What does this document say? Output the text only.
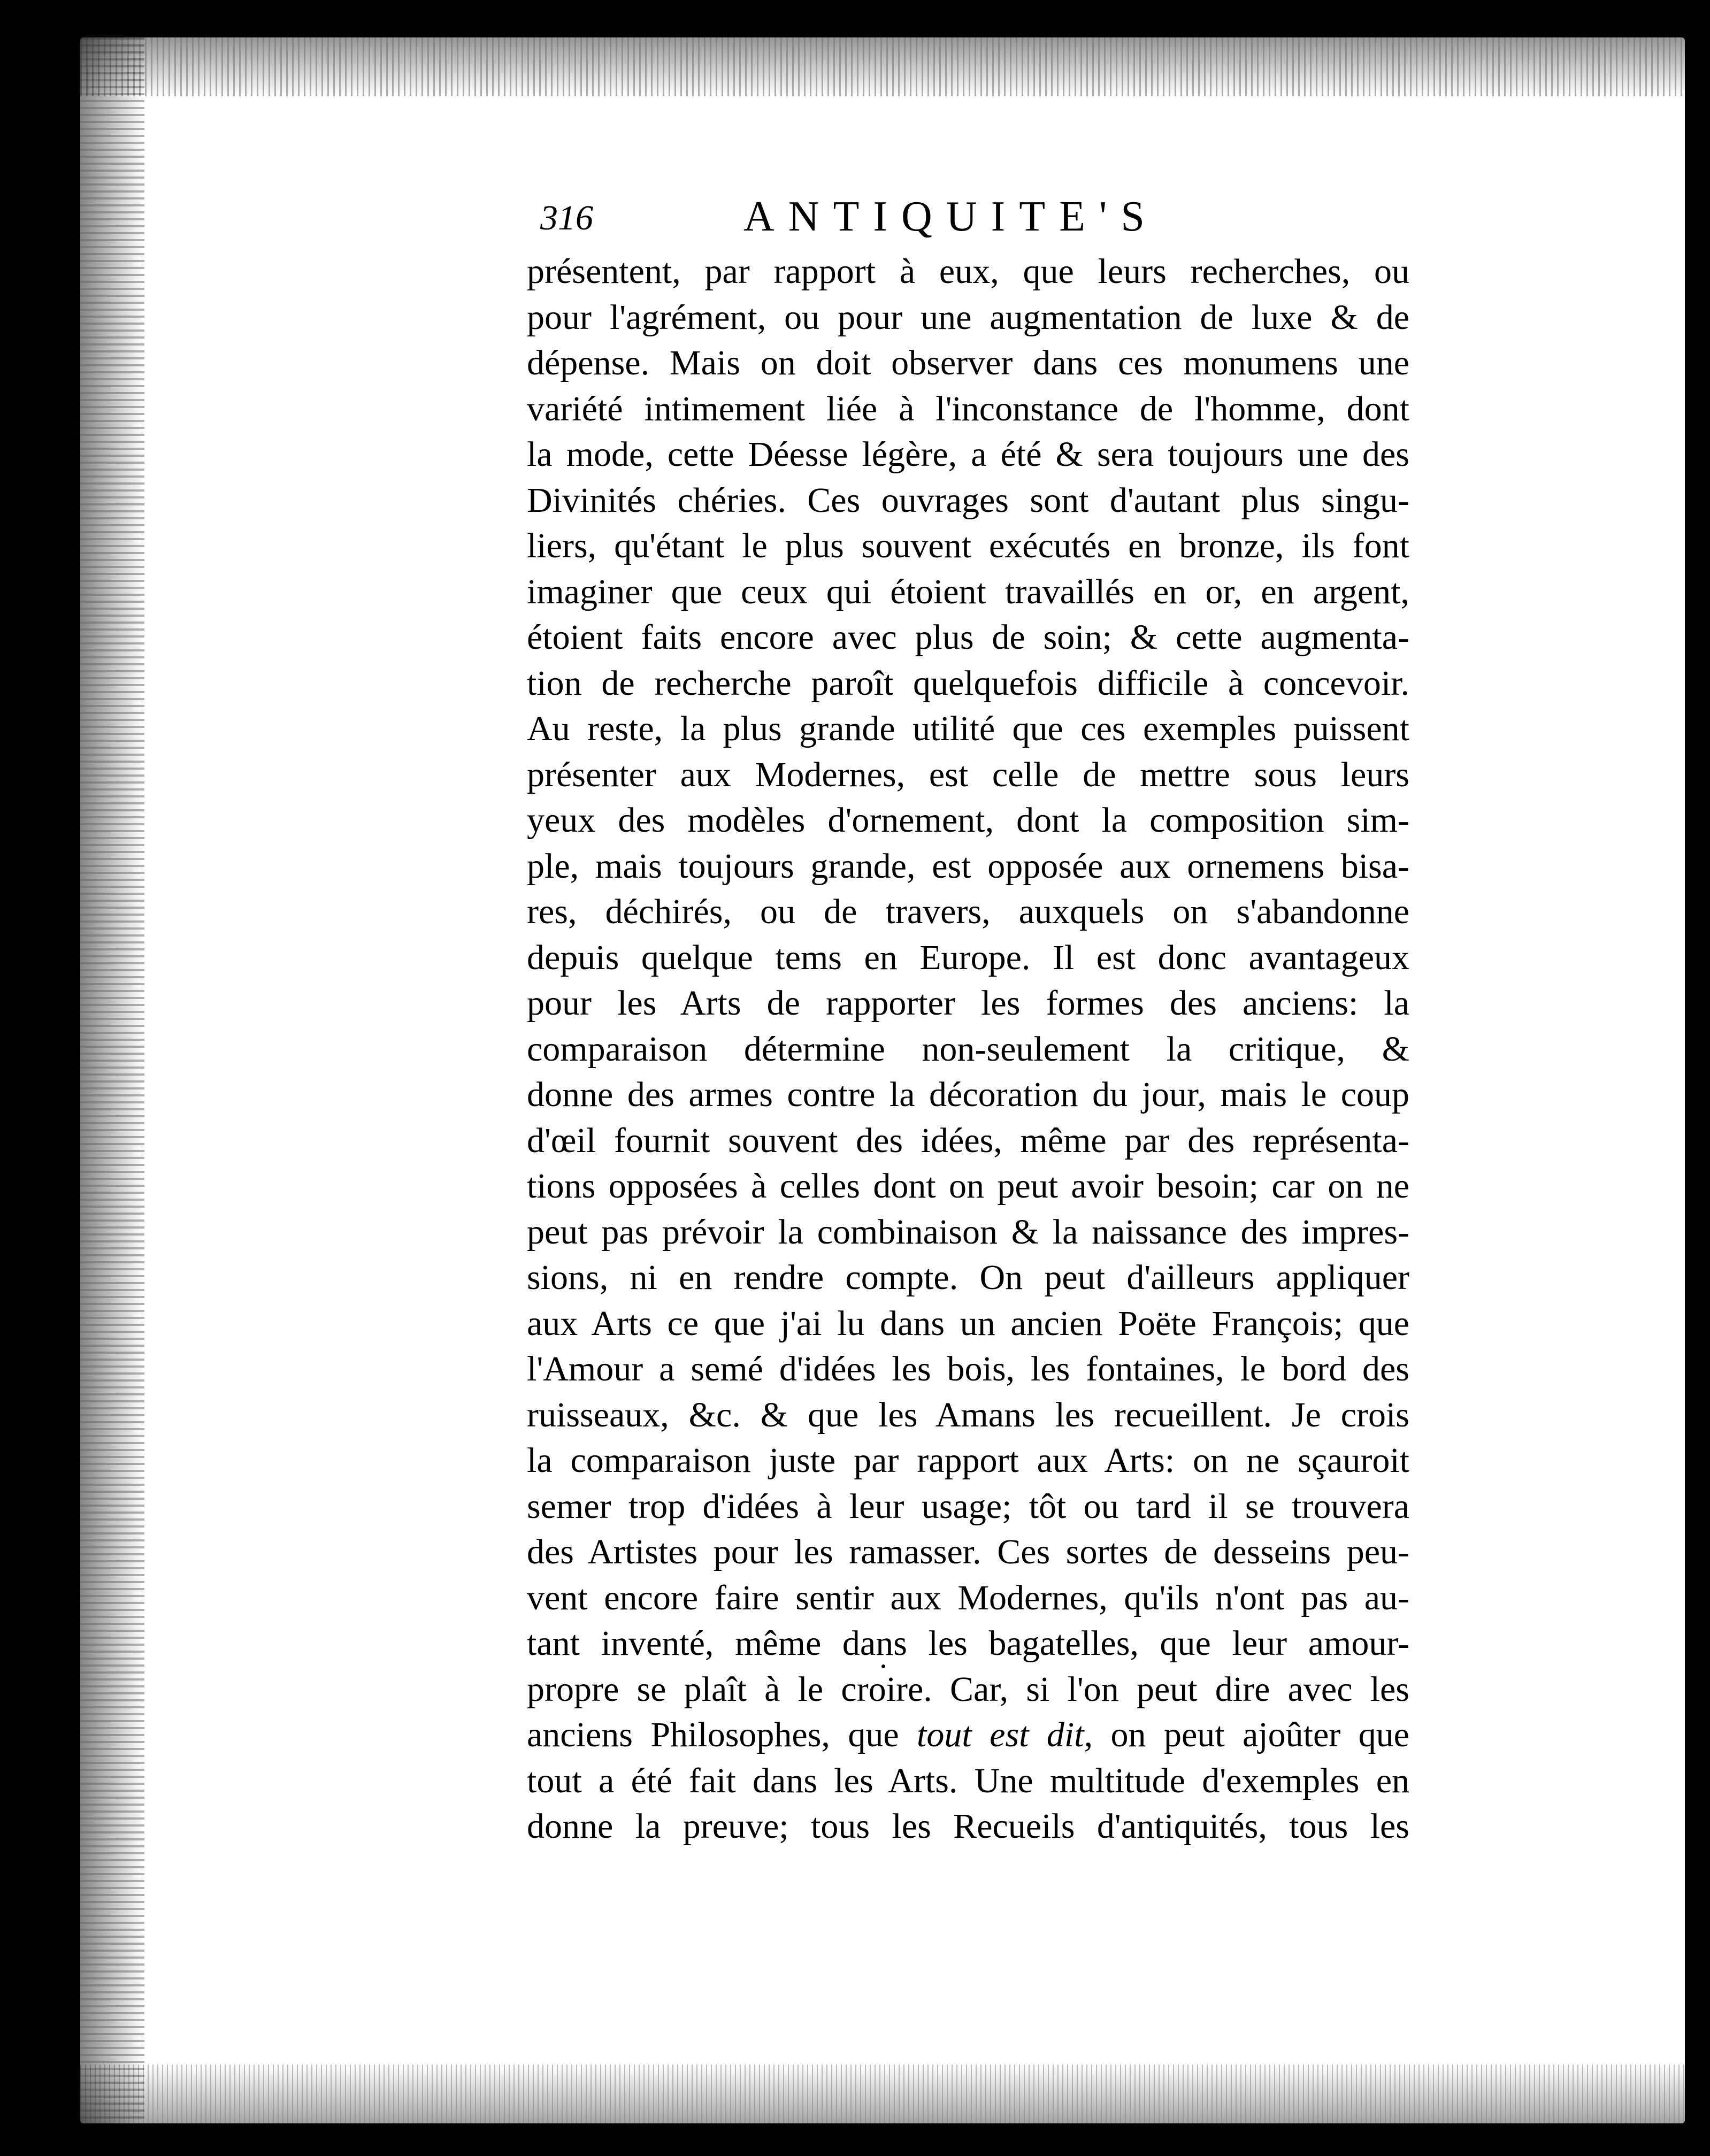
316	ANTIQUITE'S
présentent, par rapport à eux, que leurs recherches, ou
pour l'agrément, ou pour une augmentation de luxe & de
dépense. Mais on doit observer dans ces monumens une
variété intimement liée à l'inconstance de l'homme, dont
la mode, cette Déesse légère, a été & sera toujours une des
Divinités chéries. Ces ouvrages sont d'autant plus singu-
liers, qu'étant le plus souvent exécutés en bronze, ils font
imaginer que ceux qui étoient travaillés en or, en argent,
étoient faits encore avec plus de soin; & cette augmenta-
tion de recherche paroît quelquefois difficile à concevoir.
Au reste, la plus grande utilité que ces exemples puissent
présenter aux Modernes, est celle de mettre sous leurs
yeux des modèles d'ornement, dont la composition sim-
ple, mais toujours grande, est opposée aux ornemens bisa-
res, déchirés, ou de travers, auxquels on s'abandonne
depuis quelque tems en Europe. Il est donc avantageux
pour les Arts de rapporter les formes des anciens: la
comparaison détermine non-seulement la critique, &
donne des armes contre la décoration du jour, mais le coup
d'œil fournit souvent des idées, même par des représenta-
tions opposées à celles dont on peut avoir besoin; car on ne
peut pas prévoir la combinaison & la naissance des impres-
sions, ni en rendre compte. On peut d'ailleurs appliquer
aux Arts ce que j'ai lu dans un ancien Poëte François; que
l'Amour a semé d'idées les bois, les fontaines, le bord des
ruisseaux, &c. & que les Amans les recueillent. Je crois
la comparaison juste par rapport aux Arts: on ne sçauroit
semer trop d'idées à leur usage; tôt ou tard il se trouvera
des Artistes pour les ramasser. Ces sortes de desseins peu-
vent encore faire sentir aux Modernes, qu'ils n'ont pas au-
tant inventé, même dans les bagatelles, que leur amour-
propre se plaît à le croire. Car, si l'on peut dire avec les
anciens Philosophes, que tout est dit, on peut ajoûter que
tout a été fait dans les Arts. Une multitude d'exemples en
donne la preuve; tous les Recueils d'antiquités, tous les
